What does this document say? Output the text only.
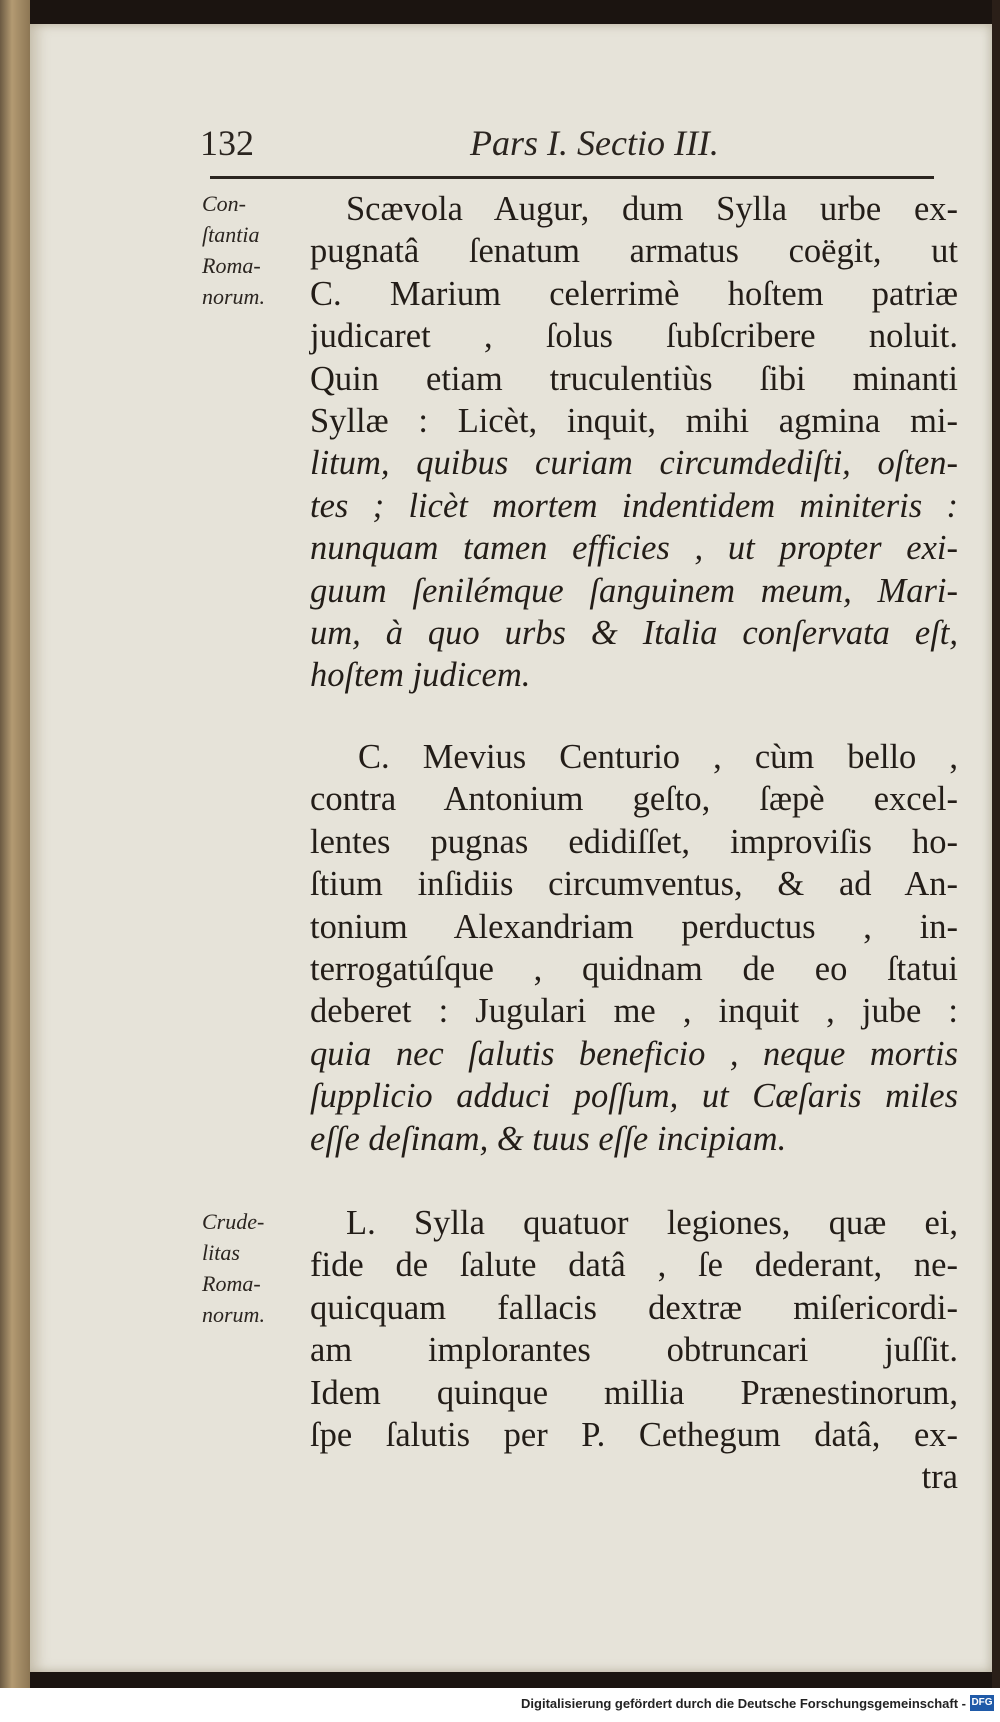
132	Pars I. Sectio III.
Con-
ſtantia
Roma-
norum.
Scævola Augur, dum Sylla urbe ex-
pugnatâ ſenatum armatus coëgit, ut
C. Marium celerrimè hoſtem patriæ
judicaret , ſolus ſubſcribere noluit.
Quin etiam truculentiùs ſibi minanti
Syllæ : Licèt, inquit, mihi agmina mi-
litum, quibus curiam circumdediſti, oſten-
tes ; licèt mortem indentidem miniteris :
nunquam tamen efficies , ut propter exi-
guum ſenilémque ſanguinem meum, Mari-
um, à quo urbs & Italia conſervata eſt,
hoſtem judicem.
C. Mevius Centurio , cùm bello ,
contra Antonium geſto, ſæpè excel-
lentes pugnas edidiſſet, improviſis ho-
ſtium inſidiis circumventus, & ad An-
tonium Alexandriam perductus , in-
terrogatúſque , quidnam de eo ſtatui
deberet : Jugulari me , inquit , jube :
quia nec ſalutis beneficio , neque mortis
ſupplicio adduci poſſum, ut Cæſaris miles
eſſe deſinam, & tuus eſſe incipiam.
Crude-
litas
Roma-
norum.
L. Sylla quatuor legiones, quæ ei,
fide de ſalute datâ , ſe dederant, ne-
quicquam fallacis dextræ miſericordi-
am implorantes obtruncari juſſit.
Idem quinque millia Prænestinorum,
ſpe ſalutis per P. Cethegum datâ, ex-
tra
Digitalisierung gefördert durch die Deutsche Forschungsgemeinschaft - DFG
